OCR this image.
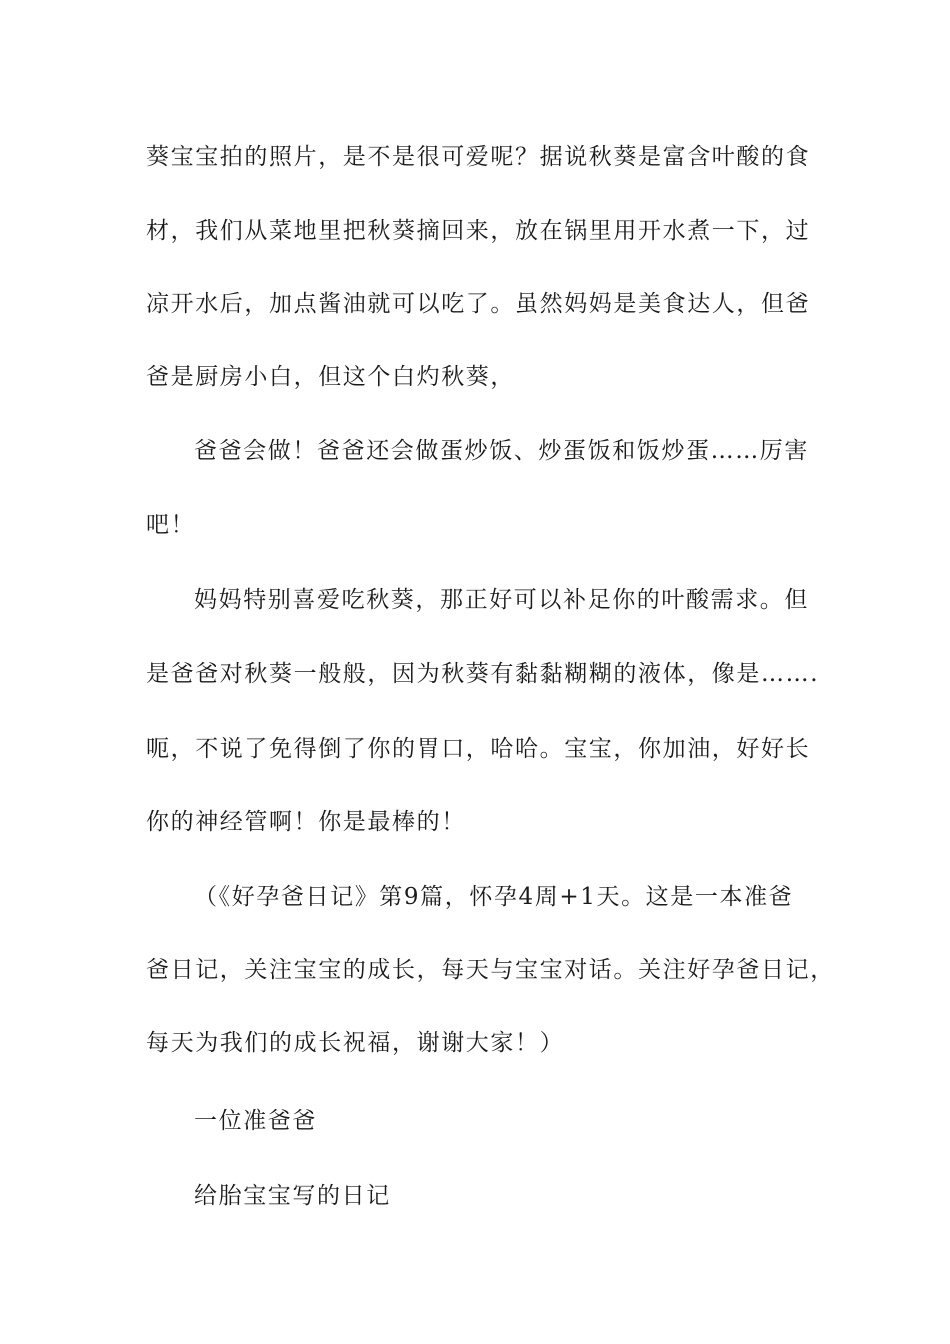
葵宝宝拍的照片，是不是很可爱呢？据说秋葵是富含叶酸的食

材，我们从菜地里把秋葵摘回来，放在锅里用开水煮一下，过

凉开水后，加点酱油就可以吃了。虽然妈妈是美食达人，但爸

爸是厨房小白，但这个白灼秋葵，

爸爸会做！爸爸还会做蛋炒饭、炒蛋饭和饭炒蛋……厉害

吧！

妈妈特别喜爱吃秋葵，那正好可以补足你的叶酸需求。但

是爸爸对秋葵一般般，因为秋葵有黏黏糊糊的液体，像是…….

呃，不说了免得倒了你的胃口，哈哈。宝宝，你加油，好好长

你的神经管啊！你是最棒的！

（《好孕爸日记》第9篇，怀孕4周+1天。这是一本准爸

爸日记，关注宝宝的成长，每天与宝宝对话。关注好孕爸日记，

每天为我们的成长祝福，谢谢大家！）

一位准爸爸

给胎宝宝写的日记
